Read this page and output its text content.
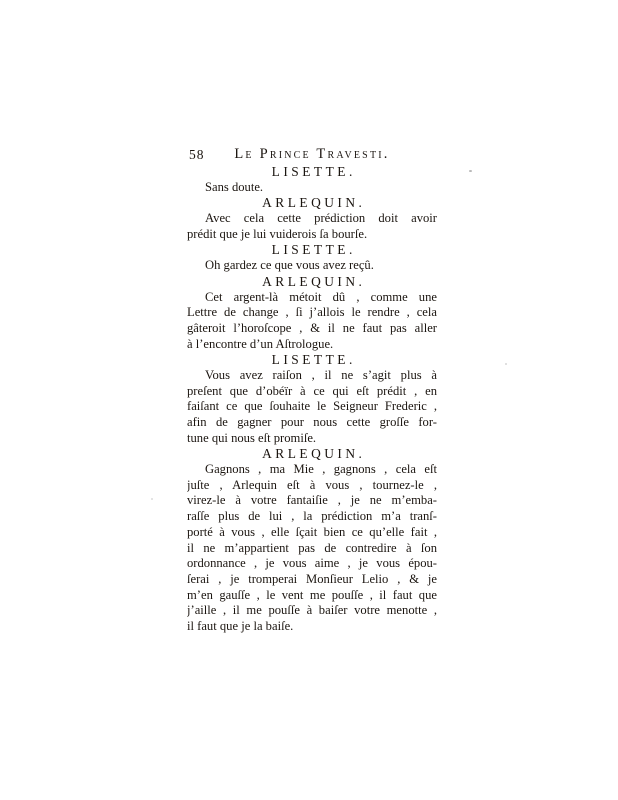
58	Le Prince Travesti.
LISETTE.
Sans doute.
ARLEQUIN.
Avec cela cette prédiction doit avoir
prédit que je lui vuiderois ſa bourſe.
LISETTE.
Oh gardez ce que vous avez reçû.
ARLEQUIN.
Cet argent-là métoit dû , comme une
Lettre de change , ſi j’allois le rendre , cela
gâteroit l’horoſcope , & il ne faut pas aller
à l’encontre d’un Aſtrologue.
LISETTE.
Vous avez raiſon , il ne s’agit plus à
preſent que d’obéïr à ce qui eſt prédit , en
faiſant ce que ſouhaite le Seigneur Frederic ,
afin de gagner pour nous cette groſſe for-
tune qui nous eſt promiſe.
ARLEQUIN.
Gagnons , ma Mie , gagnons , cela eſt
juſte , Arlequin eſt à vous , tournez-le ,
virez-le à votre fantaiſie , je ne m’emba-
raſſe plus de lui , la prédiction m’a tranſ-
porté à vous , elle ſçait bien ce qu’elle fait ,
il ne m’appartient pas de contredire à ſon
ordonnance , je vous aime , je vous épou-
ſerai , je tromperai Monſieur Lelio , & je
m’en gauſſe , le vent me pouſſe , il faut que
j’aille , il me pouſſe à baiſer votre menotte ,
il faut que je la baiſe.
